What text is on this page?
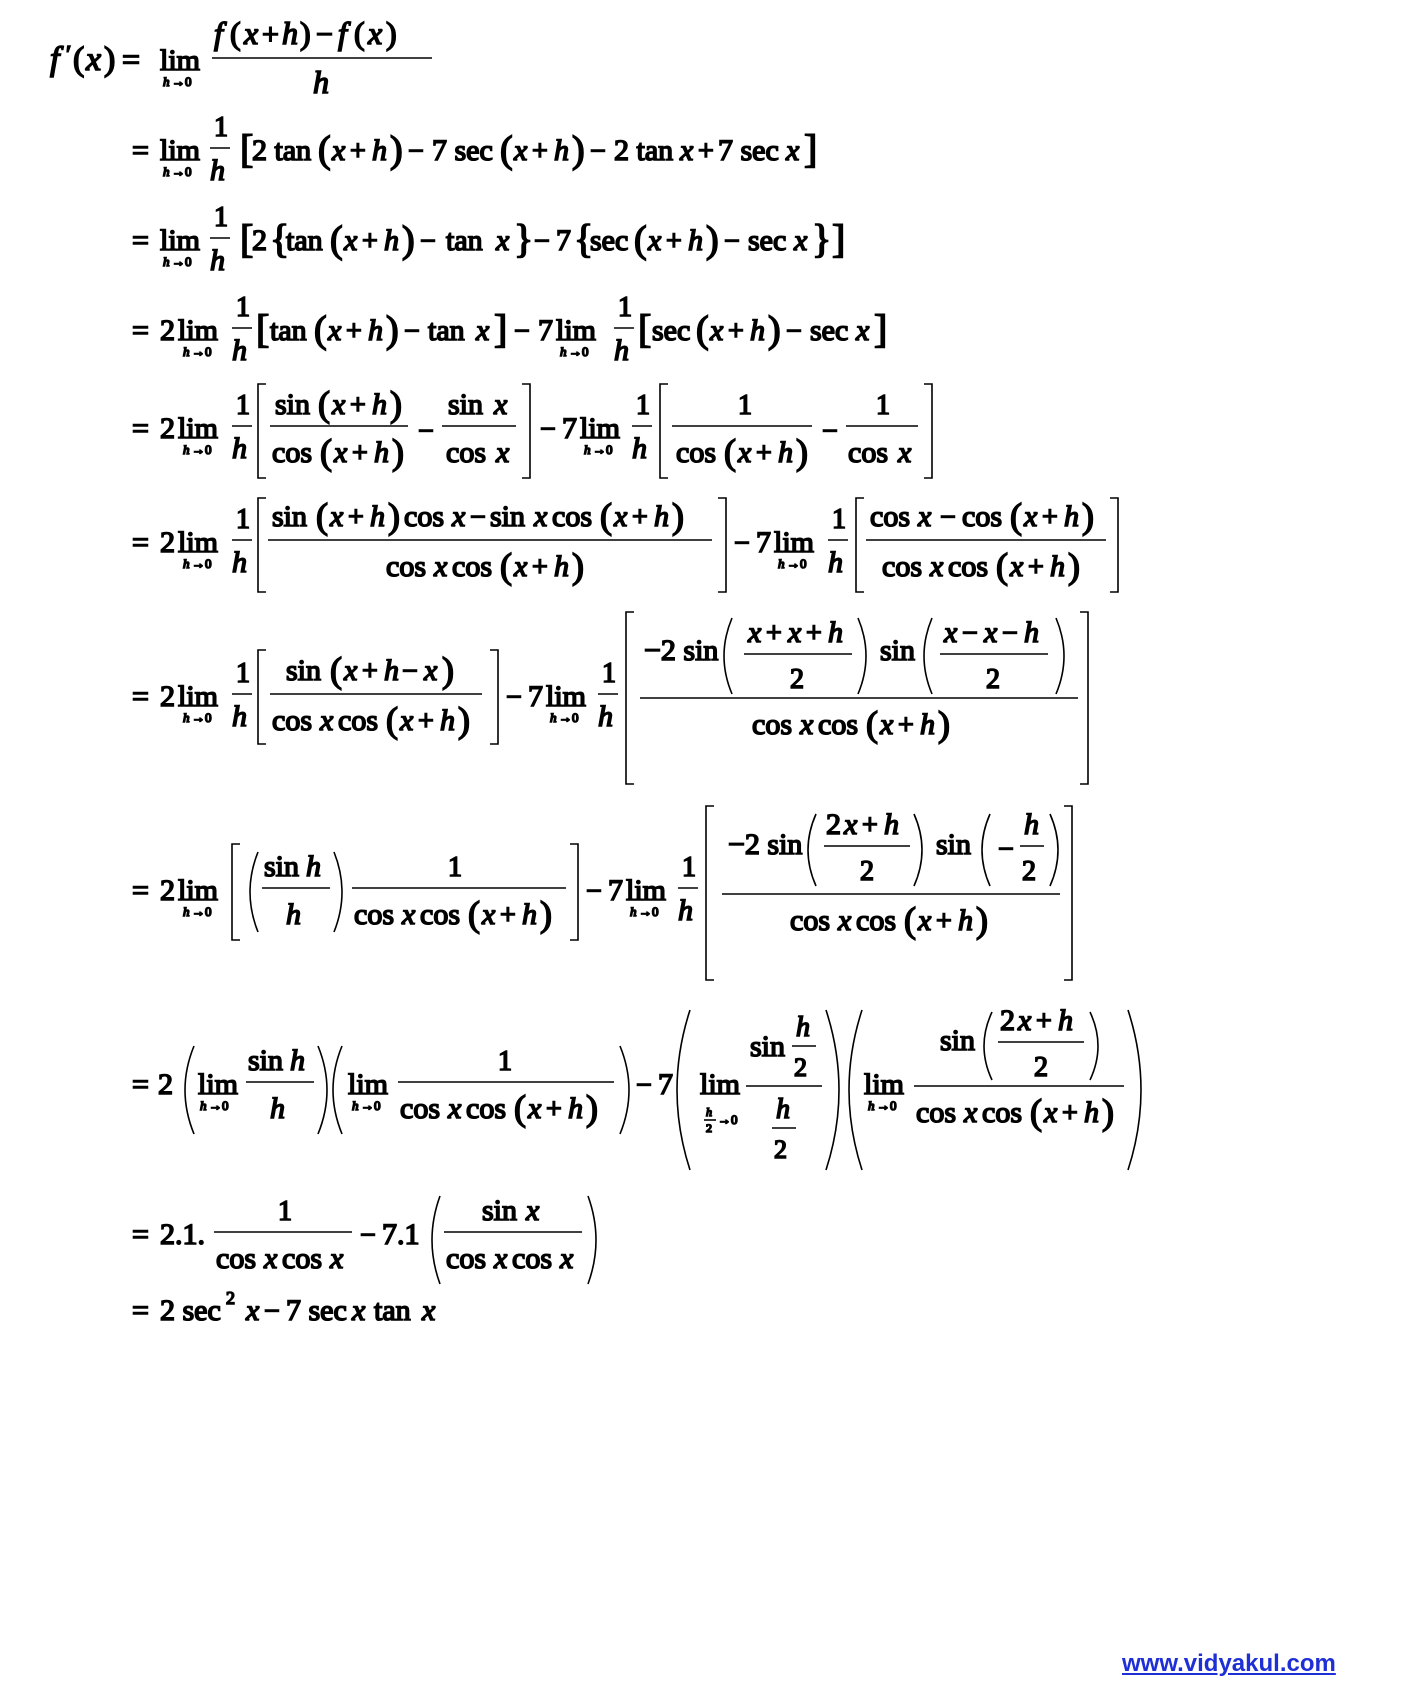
f ′ ( x ) = lim
h →0
f ( x + h ) − f ( x )
h
= lim
h →0
1
h [
2 tan ( x + h ) − 7 sec ( x + h ) − 2 tan x + 7 sec x ]
= lim
h →0
1
h [
2 {
tan ( x + h ) − tan x } − 7 {
sec ( x + h ) − sec x } ]
= 2 lim
h →0
1
h [ tan ( x + h ) − tan x ] − 7 lim
h →0
1
h [ sec ( x + h ) − sec x ]
= 2 lim
h →0
1
h
sin ( x + h )
cos ( x + h )
−
sin x
cos x
− 7 lim
h →0
1
h
1
cos ( x + h )
−
1
cos x
= 2 lim
h →0
1
h
sin ( x + h ) cos x − sin x cos ( x + h )
cos x cos ( x + h )
− 7 lim
h →0
1
h
cos x − cos ( x + h )
cos x cos ( x + h )
= 2 lim
h →0
1
h
sin ( x + h − x )
cos x cos ( x + h )
− 7 lim
h →0
1
h
−2 sin
x + x + h
2
sin
x − x − h
2
cos x cos ( x + h )
= 2 lim
h →0
sin h
h
1
cos x cos ( x + h )
− 7 lim
h →0
1
h
−2 sin
2 x + h
2
sin −
h
2
cos x cos ( x + h )
= 2 lim
h →0
sin h
h
lim
h →0
1
cos x cos ( x + h )
− 7 lim
h
2
→0
sin
h
2
h
2
lim
h →0
sin
2 x + h
2
cos x cos ( x + h )
= 2.1.
1
cos x cos x
− 7.1
sin x
cos x cos x
= 2 sec 2 x − 7 sec x tan x
www.vidyakul.com
